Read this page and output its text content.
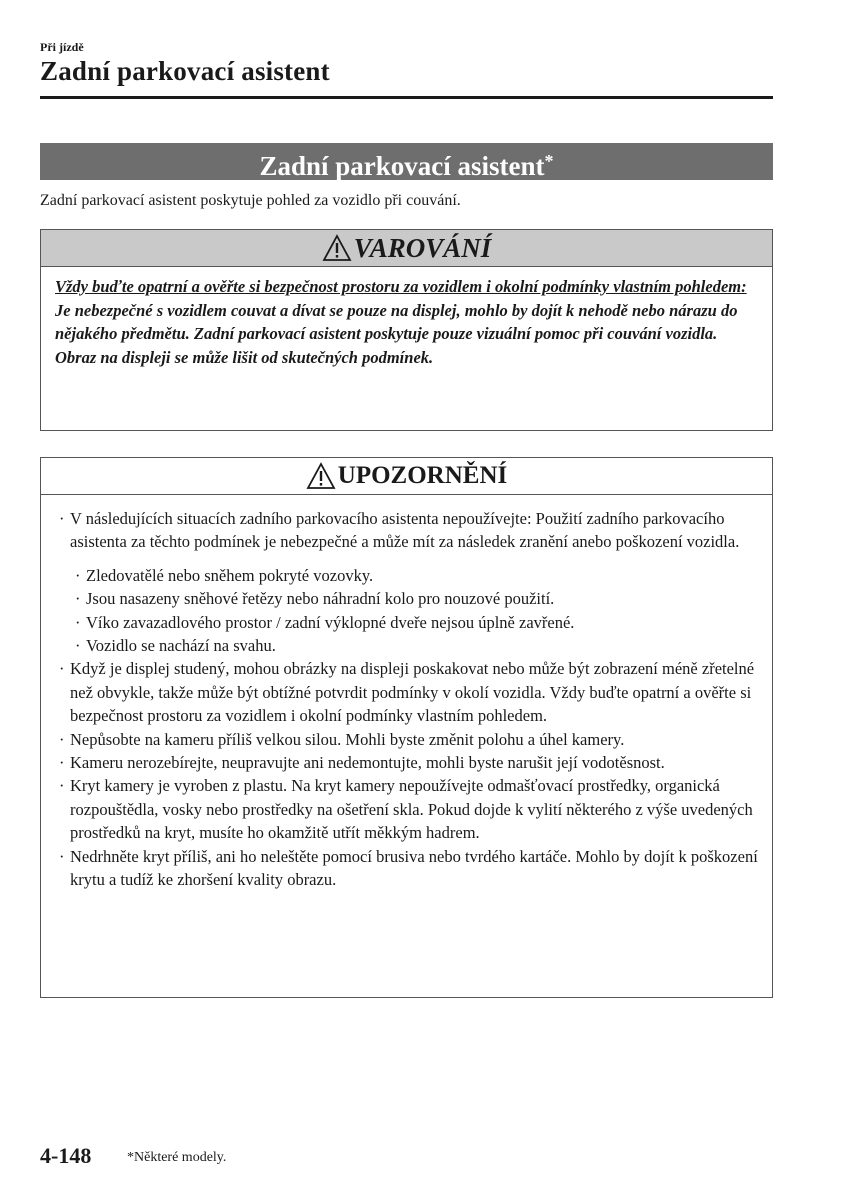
Při jízdě
Zadní parkovací asistent
Zadní parkovací asistent*
Zadní parkovací asistent poskytuje pohled za vozidlo při couvání.
VAROVÁNÍ
Vždy buďte opatrní a ověřte si bezpečnost prostoru za vozidlem i okolní podmínky vlastním pohledem:
Je nebezpečné s vozidlem couvat a dívat se pouze na displej, mohlo by dojít k nehodě nebo nárazu do nějakého předmětu. Zadní parkovací asistent poskytuje pouze vizuální pomoc při couvání vozidla. Obraz na displeji se může lišit od skutečných podmínek.
UPOZORNĚNÍ
· V následujících situacích zadního parkovacího asistenta nepoužívejte: Použití zadního parkovacího asistenta za těchto podmínek je nebezpečné a může mít za následek zranění anebo poškození vozidla.
· Zledovatělé nebo sněhem pokryté vozovky.
· Jsou nasazeny sněhové řetězy nebo náhradní kolo pro nouzové použití.
· Víko zavazadlového prostor / zadní výklopné dveře nejsou úplně zavřené.
· Vozidlo se nachází na svahu.
· Když je displej studený, mohou obrázky na displeji poskakovat nebo může být zobrazení méně zřetelné než obvykle, takže může být obtížné potvrdit podmínky v okolí vozidla. Vždy buďte opatrní a ověřte si bezpečnost prostoru za vozidlem i okolní podmínky vlastním pohledem.
· Nepůsobte na kameru příliš velkou silou. Mohli byste změnit polohu a úhel kamery.
· Kameru nerozebírejte, neupravujte ani nedemontujte, mohli byste narušit její vodotěsnost.
· Kryt kamery je vyroben z plastu. Na kryt kamery nepoužívejte odmašťovací prostředky, organická rozpouštědla, vosky nebo prostředky na ošetření skla. Pokud dojde k vylití některého z výše uvedených prostředků na kryt, musíte ho okamžitě utřít měkkým hadrem.
· Nedrhněte kryt příliš, ani ho neleštěte pomocí brusiva nebo tvrdého kartáče. Mohlo by dojít k poškození krytu a tudíž ke zhoršení kvality obrazu.
4-148	*Některé modely.
